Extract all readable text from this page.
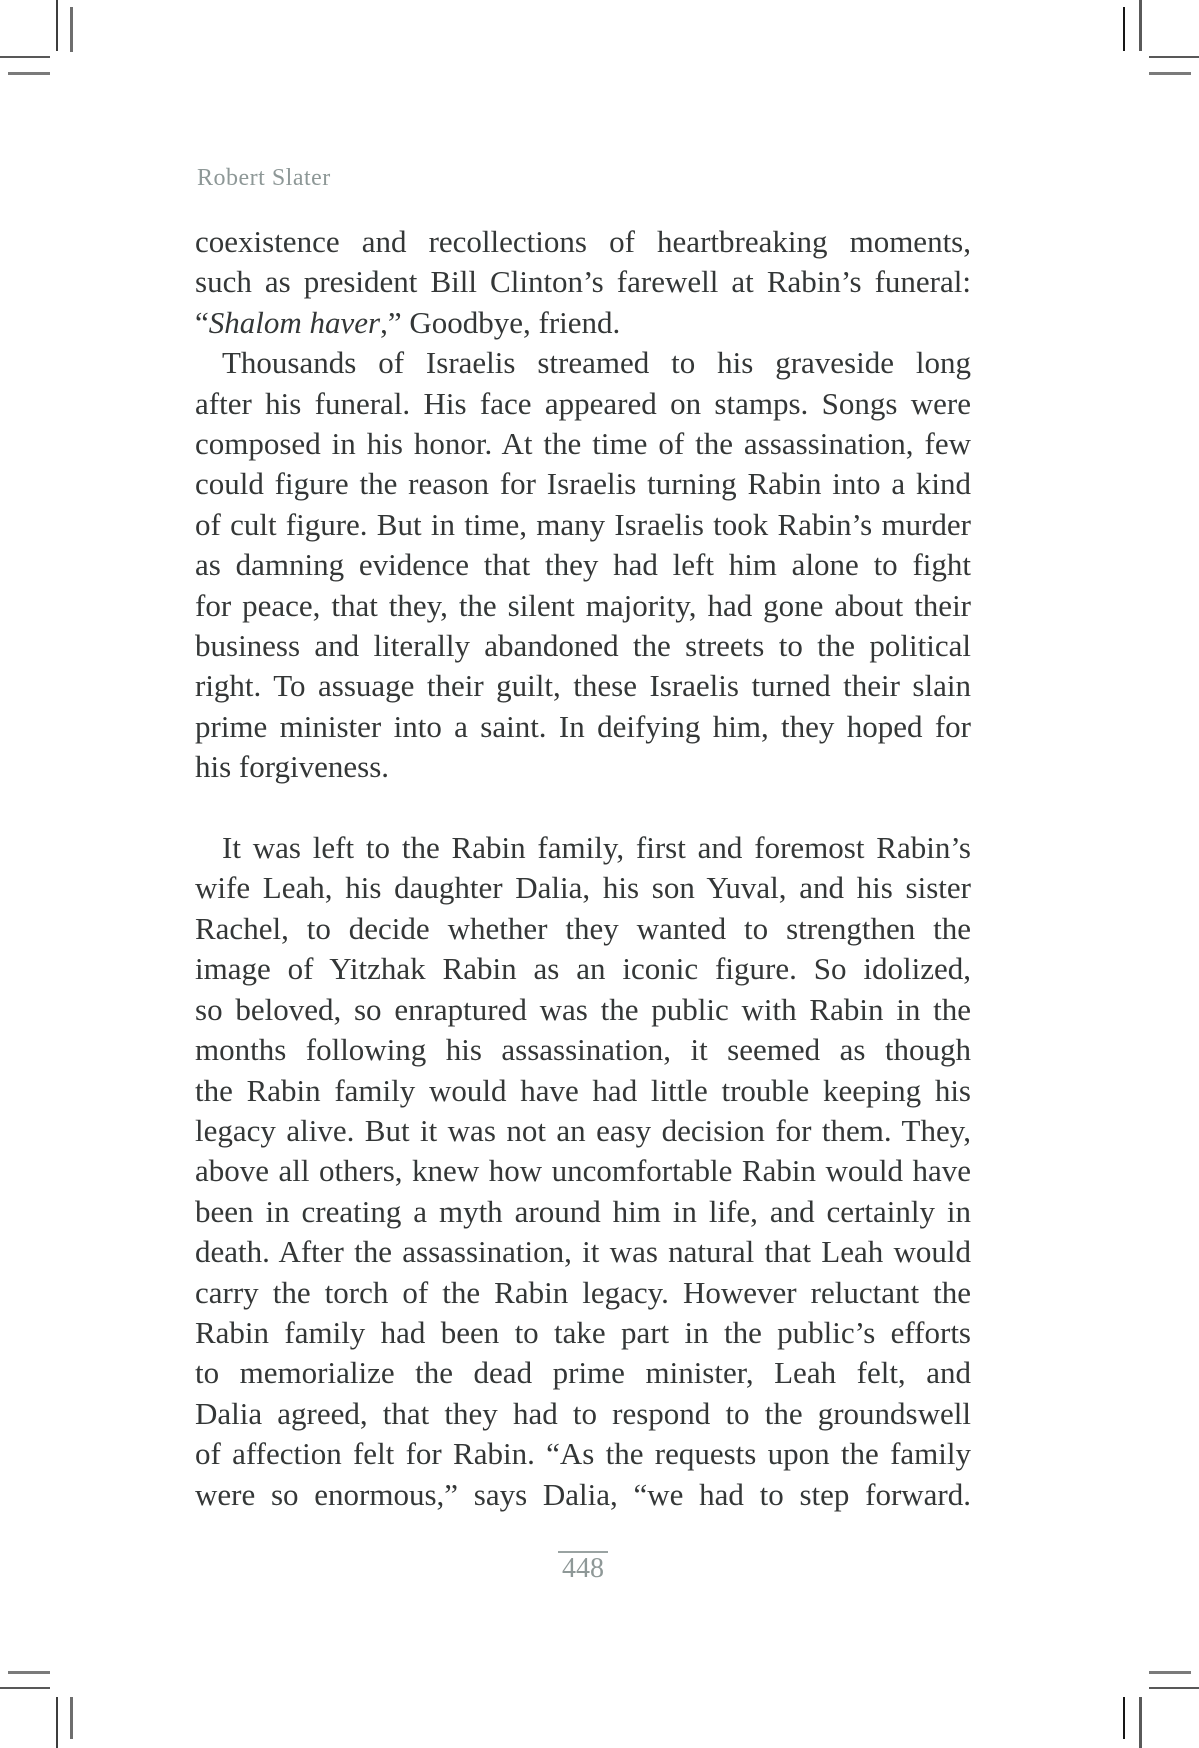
Robert Slater
coexistence and recollections of heartbreaking moments,
such as president Bill Clinton’s farewell at Rabin’s funeral:
“Shalom haver,” Goodbye, friend.
Thousands of Israelis streamed to his graveside long
after his funeral. His face appeared on stamps. Songs were
composed in his honor. At the time of the assassination, few
could figure the reason for Israelis turning Rabin into a kind
of cult figure. But in time, many Israelis took Rabin’s murder
as damning evidence that they had left him alone to fight
for peace, that they, the silent majority, had gone about their
business and literally abandoned the streets to the political
right. To assuage their guilt, these Israelis turned their slain
prime minister into a saint. In deifying him, they hoped for
his forgiveness.
It was left to the Rabin family, first and foremost Rabin’s
wife Leah, his daughter Dalia, his son Yuval, and his sister
Rachel, to decide whether they wanted to strengthen the
image of Yitzhak Rabin as an iconic figure. So idolized,
so beloved, so enraptured was the public with Rabin in the
months following his assassination, it seemed as though
the Rabin family would have had little trouble keeping his
legacy alive. But it was not an easy decision for them. They,
above all others, knew how uncomfortable Rabin would have
been in creating a myth around him in life, and certainly in
death. After the assassination, it was natural that Leah would
carry the torch of the Rabin legacy. However reluctant the
Rabin family had been to take part in the public’s efforts
to memorialize the dead prime minister, Leah felt, and
Dalia agreed, that they had to respond to the groundswell
of affection felt for Rabin. “As the requests upon the family
were so enormous,” says Dalia, “we had to step forward.
448
